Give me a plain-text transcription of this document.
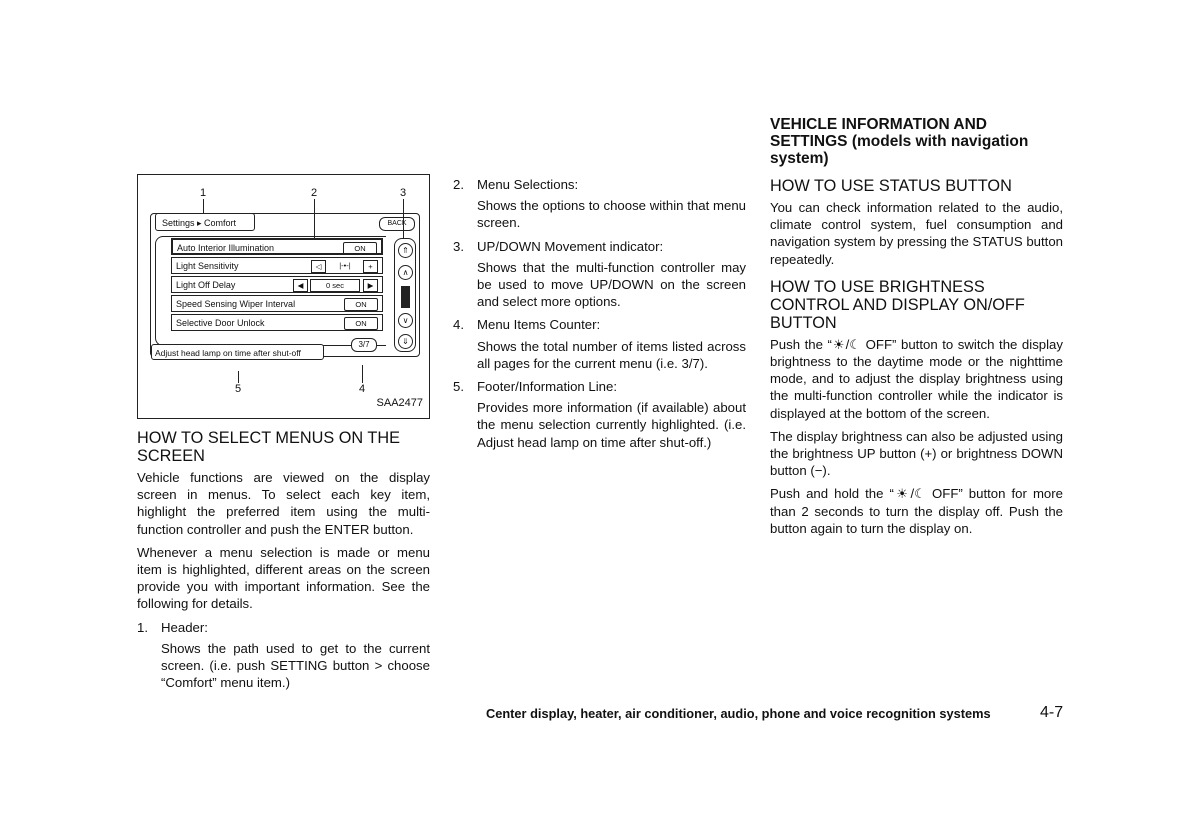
1	2	3
Settings ▸ Comfort	BACK
Auto Interior Illumination	ON
Light Sensitivity	◁	|-•-|	+
Light Off Delay	◀	0 sec	▶
Speed Sensing Wiper Interval	ON
Selective Door Unlock	ON
⇑
∧
∨
⇓
3/7
Adjust head lamp on time after shut-off
5	4
SAA2477
HOW TO SELECT MENUS ON THE SCREEN

Vehicle functions are viewed on the display screen in menus. To select each key item, highlight the preferred item using the multi-function controller and push the ENTER button.

Whenever a menu selection is made or menu item is highlighted, different areas on the screen provide you with important information. See the following for details.

1. Header:

Shows the path used to get to the current screen. (i.e. push SETTING button > choose “Comfort” menu item.)

2. Menu Selections:

Shows the options to choose within that menu screen.

3. UP/DOWN Movement indicator:

Shows that the multi-function controller may be used to move UP/DOWN on the screen and select more options.

4. Menu Items Counter:

Shows the total number of items listed across all pages for the current menu (i.e. 3/7).

5. Footer/Information Line:

Provides more information (if available) about the menu selection currently highlighted. (i.e. Adjust head lamp on time after shut-off.)

VEHICLE INFORMATION AND SETTINGS (models with navigation system)
HOW TO USE STATUS BUTTON

You can check information related to the audio, climate control system, fuel consumption and navigation system by pressing the STATUS button repeatedly.

HOW TO USE BRIGHTNESS CONTROL AND DISPLAY ON/OFF BUTTON

Push the “☀/☾ OFF” button to switch the display brightness to the daytime mode or the nighttime mode, and to adjust the display brightness using the multi-function controller while the indicator is displayed at the bottom of the screen.

The display brightness can also be adjusted using the brightness UP button (+) or brightness DOWN button (−).

Push and hold the “☀/☾ OFF” button for more than 2 seconds to turn the display off. Push the button again to turn the display on.

Center display, heater, air conditioner, audio, phone and voice recognition systems	4-7
